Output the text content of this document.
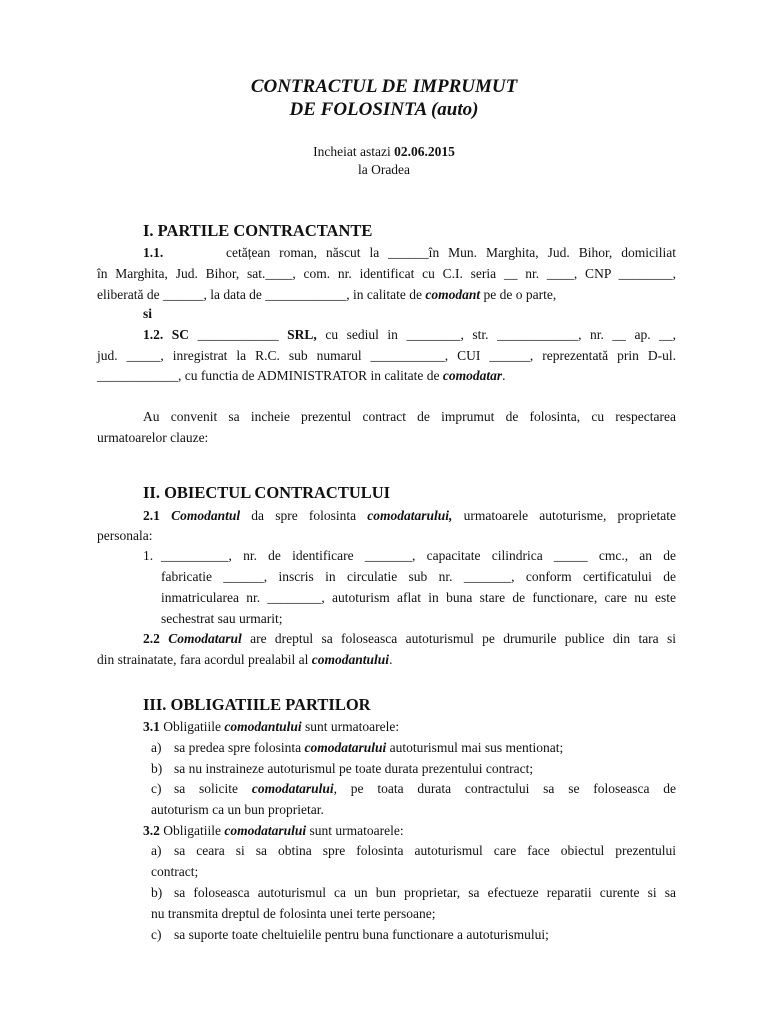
CONTRACTUL DE IMPRUMUT
DE FOLOSINTA (auto)
Incheiat astazi 02.06.2015
la Oradea
I. PARTILE CONTRACTANTE
1.1.	cetățean roman, născut la ______în Mun. Marghita, Jud. Bihor, domiciliat
în Marghita, Jud. Bihor, sat.____, com. nr. identificat cu C.I. seria __ nr. ____, CNP ________,
eliberată de ______, la data de ____________, in calitate de comodant pe de o parte,
si
1.2. SC ____________ SRL, cu sediul in ________, str. ____________, nr. __ ap. __,
jud. _____, inregistrat la R.C. sub numarul ___________, CUI ______, reprezentată prin D-ul.
____________, cu functia de ADMINISTRATOR in calitate de comodatar.
Au convenit sa incheie prezentul contract de imprumut de folosinta, cu respectarea
urmatoarelor clauze:
II. OBIECTUL CONTRACTULUI
2.1 Comodantul da spre folosinta comodatarului, urmatoarele autoturisme, proprietate
personala:
1. __________, nr. de identificare _______, capacitate cilindrica _____ cmc., an de
fabricatie ______, inscris in circulatie sub nr. _______, conform certificatului de
inmatricularea nr. ________, autoturism aflat in buna stare de functionare, care nu este
sechestrat sau urmarit;
2.2 Comodatarul are dreptul sa foloseasca autoturismul pe drumurile publice din tara si
din strainatate, fara acordul prealabil al comodantului.
III. OBLIGATIILE PARTILOR
3.1 Obligatiile comodantului sunt urmatoarele:
a) sa predea spre folosinta comodatarului autoturismul mai sus mentionat;
b) sa nu instraineze autoturismul pe toate durata prezentului contract;
c) sa solicite comodatarului, pe toata durata contractului sa se foloseasca de
autoturism ca un bun proprietar.
3.2 Obligatiile comodatarului sunt urmatoarele:
a) sa ceara si sa obtina spre folosinta autoturismul care face obiectul prezentului
contract;
b) sa foloseasca autoturismul ca un bun proprietar, sa efectueze reparatii curente si sa
nu transmita dreptul de folosinta unei terte persoane;
c) sa suporte toate cheltuielile pentru buna functionare a autoturismului;
